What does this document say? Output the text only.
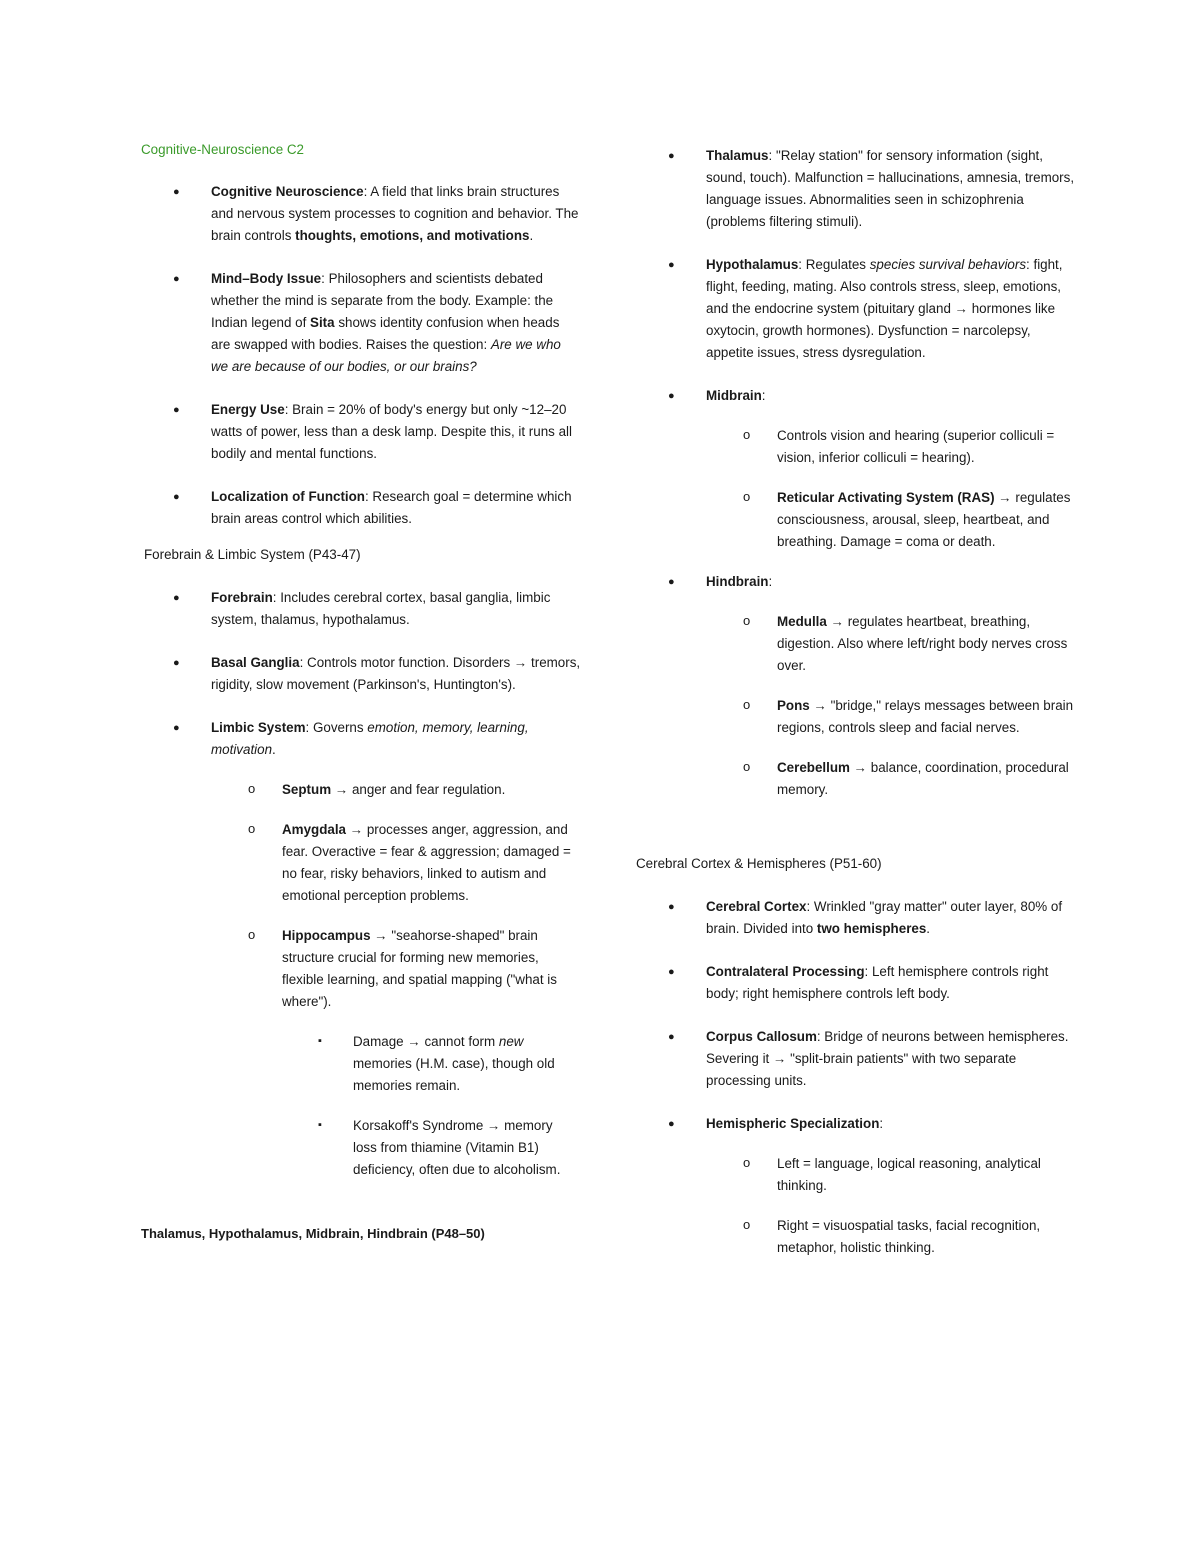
Cognitive-Neuroscience C2

● Cognitive Neuroscience: A field that links brain structures and nervous system processes to cognition and behavior. The brain controls thoughts, emotions, and motivations.
● Mind–Body Issue: Philosophers and scientists debated whether the mind is separate from the body. Example: the Indian legend of Sita shows identity confusion when heads are swapped with bodies. Raises the question: Are we who we are because of our bodies, or our brains?
● Energy Use: Brain = 20% of body's energy but only ~12–20 watts of power, less than a desk lamp. Despite this, it runs all bodily and mental functions.
● Localization of Function: Research goal = determine which brain areas control which abilities.

Forebrain & Limbic System (P43-47)

● Forebrain: Includes cerebral cortex, basal ganglia, limbic system, thalamus, hypothalamus.
● Basal Ganglia: Controls motor function. Disorders → tremors, rigidity, slow movement (Parkinson's, Huntington's).
● Limbic System: Governs emotion, memory, learning, motivation.
o Septum → anger and fear regulation.
o Amygdala → processes anger, aggression, and fear. Overactive = fear & aggression; damaged = no fear, risky behaviors, linked to autism and emotional perception problems.
o Hippocampus → "seahorse-shaped" brain structure crucial for forming new memories, flexible learning, and spatial mapping ("what is where").
▪ Damage → cannot form new memories (H.M. case), though old memories remain.
▪ Korsakoff's Syndrome → memory loss from thiamine (Vitamin B1) deficiency, often due to alcoholism.

Thalamus, Hypothalamus, Midbrain, Hindbrain (P48–50)

● Thalamus: "Relay station" for sensory information (sight, sound, touch). Malfunction = hallucinations, amnesia, tremors, language issues. Abnormalities seen in schizophrenia (problems filtering stimuli).
● Hypothalamus: Regulates species survival behaviors: fight, flight, feeding, mating. Also controls stress, sleep, emotions, and the endocrine system (pituitary gland → hormones like oxytocin, growth hormones). Dysfunction = narcolepsy, appetite issues, stress dysregulation.
● Midbrain:
o Controls vision and hearing (superior colliculi = vision, inferior colliculi = hearing).
o Reticular Activating System (RAS) → regulates consciousness, arousal, sleep, heartbeat, and breathing. Damage = coma or death.
● Hindbrain:
o Medulla → regulates heartbeat, breathing, digestion. Also where left/right body nerves cross over.
o Pons → "bridge," relays messages between brain regions, controls sleep and facial nerves.
o Cerebellum → balance, coordination, procedural memory.

Cerebral Cortex & Hemispheres (P51-60)

● Cerebral Cortex: Wrinkled "gray matter" outer layer, 80% of brain. Divided into two hemispheres.
● Contralateral Processing: Left hemisphere controls right body; right hemisphere controls left body.
● Corpus Callosum: Bridge of neurons between hemispheres. Severing it → "split-brain patients" with two separate processing units.
● Hemispheric Specialization:
o Left = language, logical reasoning, analytical thinking.
o Right = visuospatial tasks, facial recognition, metaphor, holistic thinking.
